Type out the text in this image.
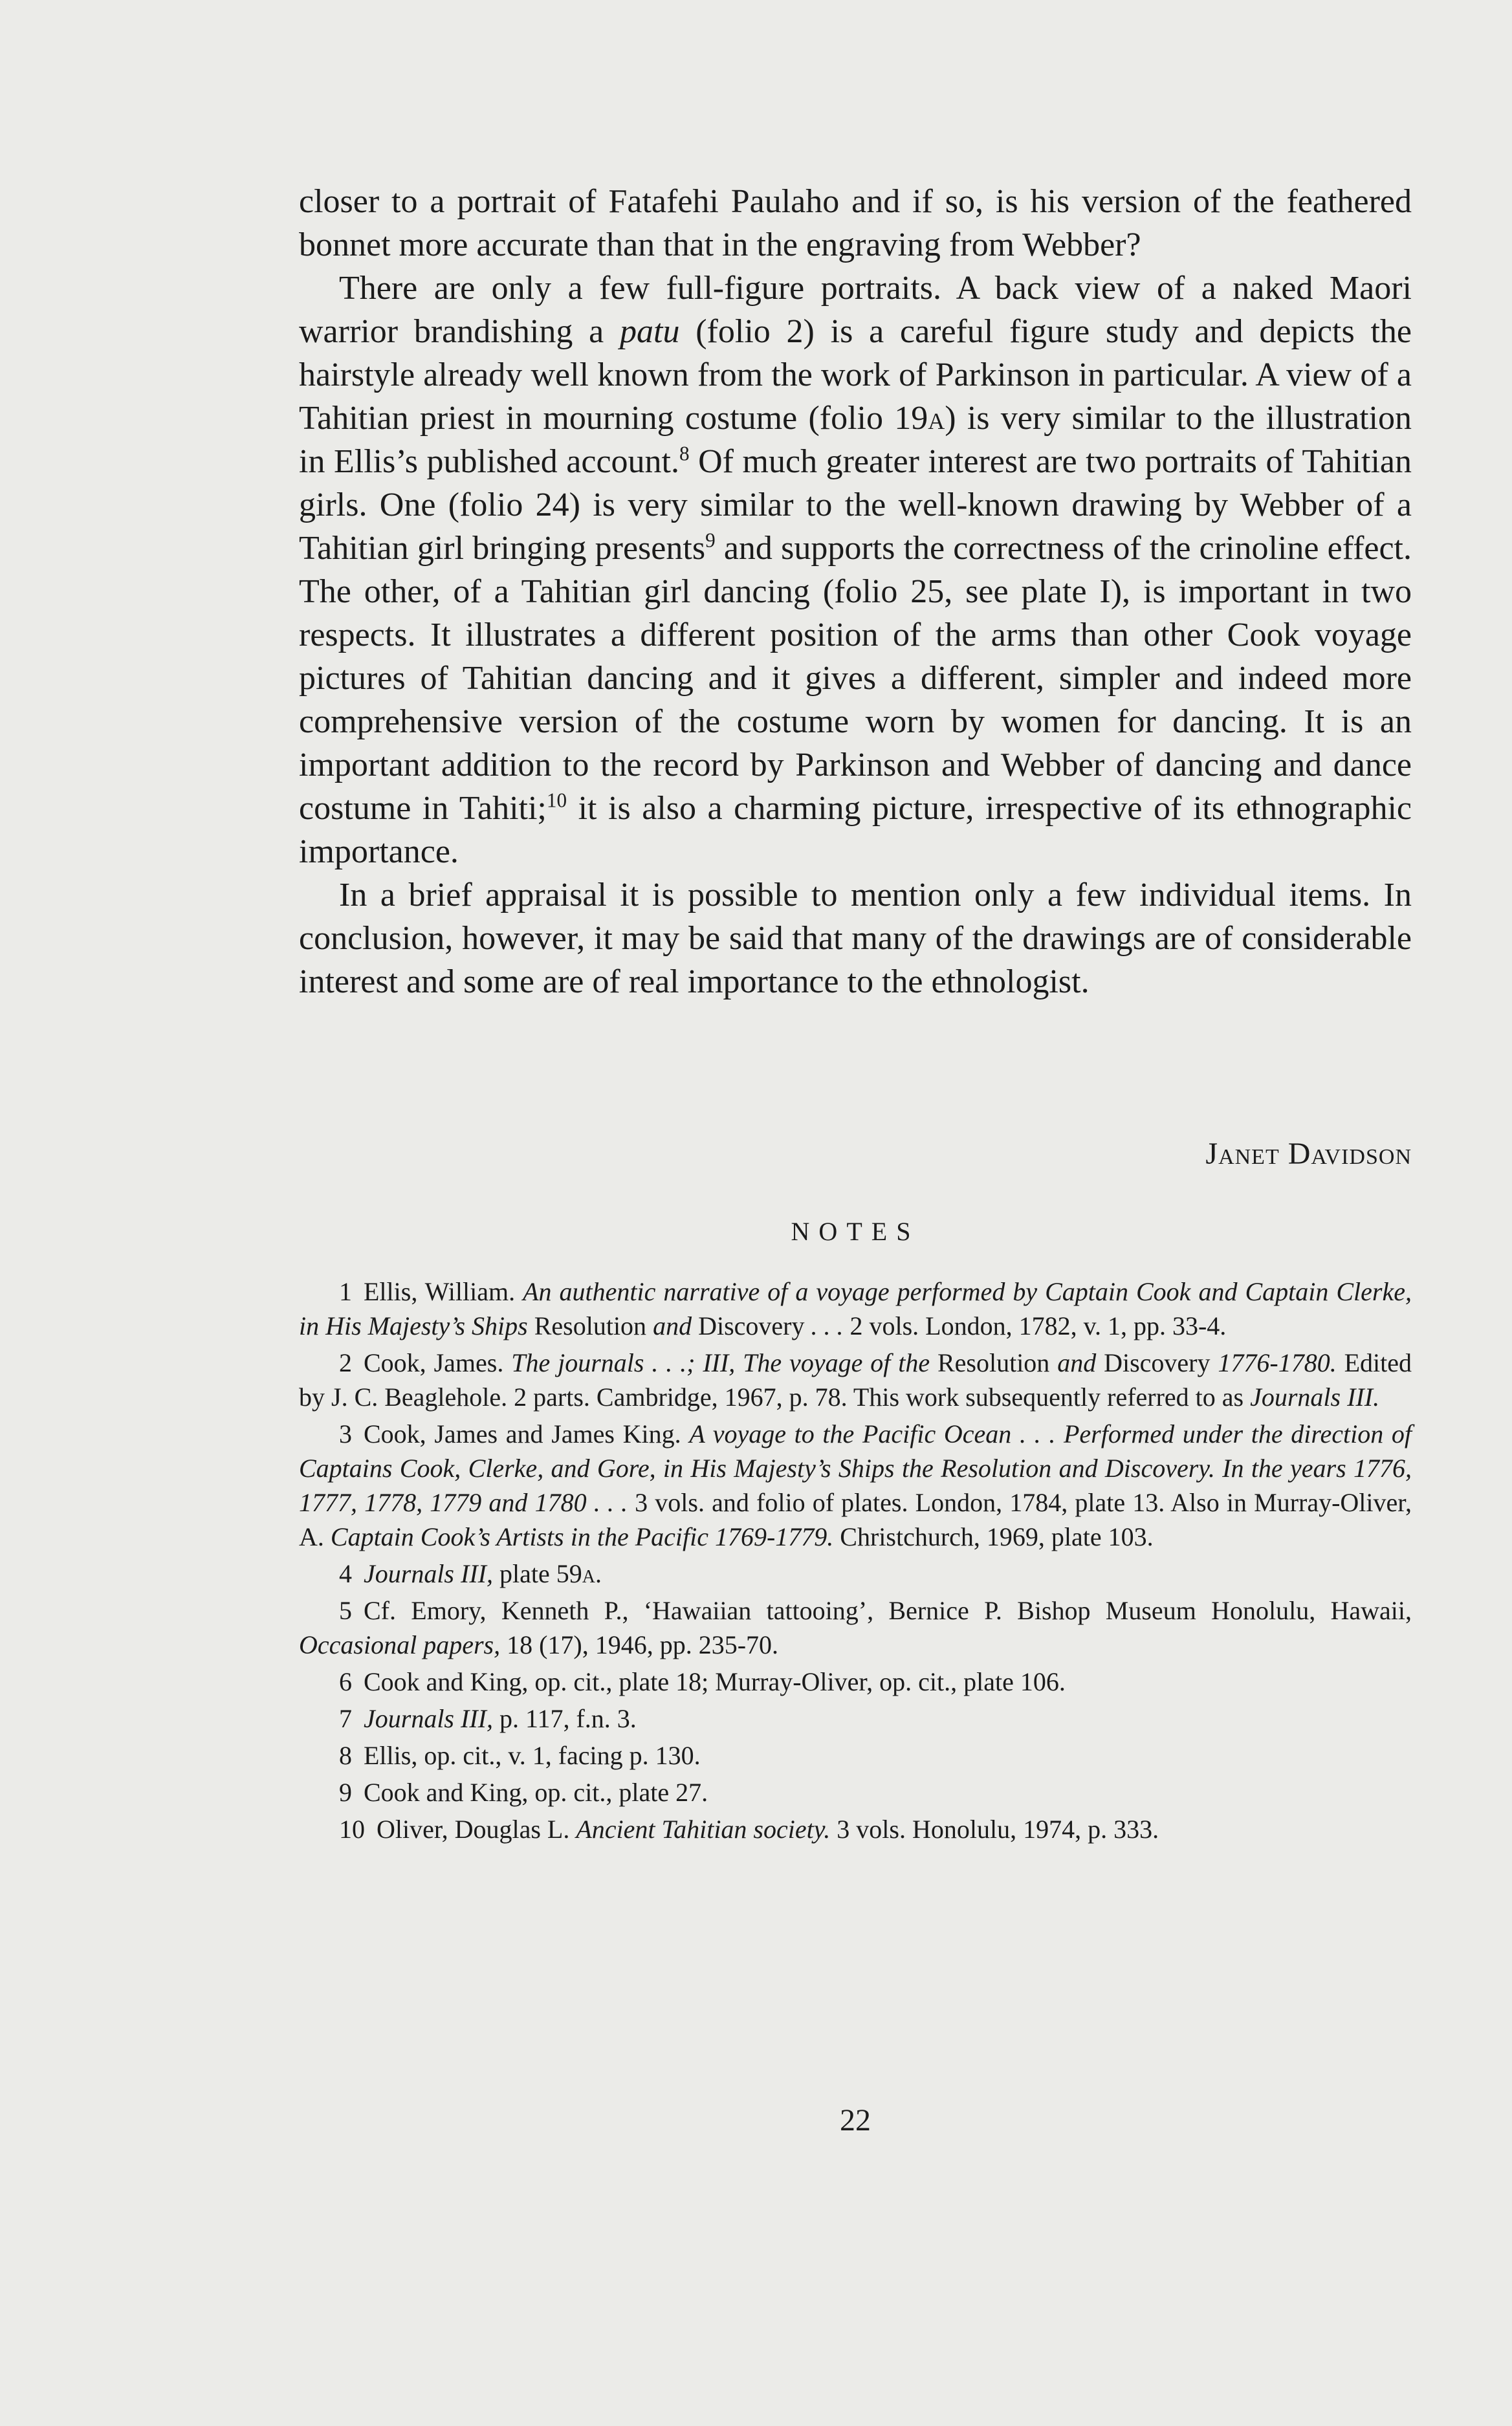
closer to a portrait of Fatafehi Paulaho and if so, is his version of the feathered bonnet more accurate than that in the engraving from Webber?

There are only a few full-figure portraits. A back view of a naked Maori warrior brandishing a patu (folio 2) is a careful figure study and depicts the hairstyle already well known from the work of Parkinson in particular. A view of a Tahitian priest in mourning costume (folio 19a) is very similar to the illustration in Ellis’s published account.$^8$ Of much greater interest are two portraits of Tahitian girls. One (folio 24) is very similar to the well-known drawing by Webber of a Tahitian girl bringing presents$^9$ and supports the correctness of the crinoline effect. The other, of a Tahitian girl dancing (folio 25, see plate I), is important in two respects. It illustrates a different position of the arms than other Cook voyage pictures of Tahitian dancing and it gives a different, simpler and indeed more comprehensive version of the costume worn by women for dancing. It is an important addition to the record by Parkinson and Webber of dancing and dance costume in Tahiti;$^{10}$ it is also a charming picture, irrespective of its ethnographic importance.

In a brief appraisal it is possible to mention only a few individual items. In conclusion, however, it may be said that many of the drawings are of considerable interest and some are of real importance to the ethnologist.

Janet Davidson
NOTES

1 Ellis, William. An authentic narrative of a voyage performed by Captain Cook and Captain Clerke, in His Majesty’s Ships Resolution and Discovery . . . 2 vols. London, 1782, v. 1, pp. 33-4.

2 Cook, James. The journals . . .; III, The voyage of the Resolution and Discovery 1776-1780. Edited by J. C. Beaglehole. 2 parts. Cambridge, 1967, p. 78. This work subsequently referred to as Journals III.

3 Cook, James and James King. A voyage to the Pacific Ocean . . . Performed under the direction of Captains Cook, Clerke, and Gore, in His Majesty’s Ships the Resolution and Discovery. In the years 1776, 1777, 1778, 1779 and 1780 . . . 3 vols. and folio of plates. London, 1784, plate 13. Also in Murray-Oliver, A. Captain Cook’s Artists in the Pacific 1769-1779. Christchurch, 1969, plate 103.

4 Journals III, plate 59a.

5 Cf. Emory, Kenneth P., ‘Hawaiian tattooing’, Bernice P. Bishop Museum Honolulu, Hawaii, Occasional papers, 18 (17), 1946, pp. 235-70.

6 Cook and King, op. cit., plate 18; Murray-Oliver, op. cit., plate 106.

7 Journals III, p. 117, f.n. 3.

8 Ellis, op. cit., v. 1, facing p. 130.

9 Cook and King, op. cit., plate 27.

10 Oliver, Douglas L. Ancient Tahitian society. 3 vols. Honolulu, 1974, p. 333.

22
